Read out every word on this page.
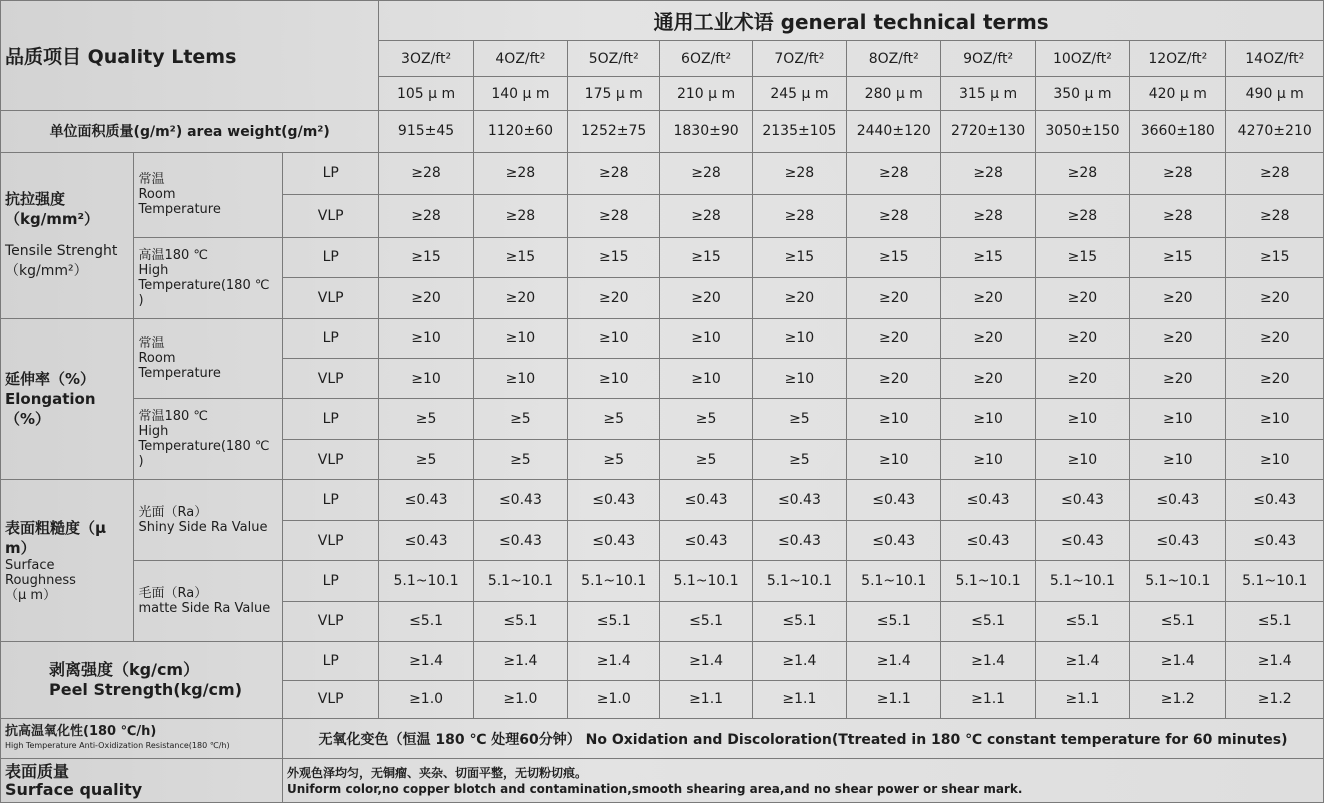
品质项目 Quality Ltems			通用工业术语 general technical terms									
			3OZ/ft²	4OZ/ft²	5OZ/ft²	6OZ/ft²	7OZ/ft²	8OZ/ft²	9OZ/ft²	10OZ/ft²	12OZ/ft²	14OZ/ft²
			105 μ m	140 μ m	175 μ m	210 μ m	245 μ m	280 μ m	315 μ m	350 μ m	420 μ m	490 μ m
单位面积质量(g/m²) area weight(g/m²)			915±45	1120±60	1252±75	1830±90	2135±105	2440±120	2720±130	3050±150	3660±180	4270±210

抗拉强度
（kg/mm²）
Tensile Strenght
（kg/mm²）	常温
Room
Temperature	LP	≥28	≥28	≥28	≥28	≥28	≥28	≥28	≥28	≥28	≥28
		VLP	≥28	≥28	≥28	≥28	≥28	≥28	≥28	≥28	≥28	≥28

	高温180 ℃
High
Temperature(180 ℃ )	LP	≥15	≥15	≥15	≥15	≥15	≥15	≥15	≥15	≥15	≥15
		VLP	≥20	≥20	≥20	≥20	≥20	≥20	≥20	≥20	≥20	≥20

延伸率（%）
Elongation（%）	常温
Room
Temperature	LP	≥10	≥10	≥10	≥10	≥10	≥20	≥20	≥20	≥20	≥20
		VLP	≥10	≥10	≥10	≥10	≥10	≥20	≥20	≥20	≥20	≥20

	常温180 ℃
High
Temperature(180 ℃ )	LP	≥5	≥5	≥5	≥5	≥5	≥10	≥10	≥10	≥10	≥10
		VLP	≥5	≥5	≥5	≥5	≥5	≥10	≥10	≥10	≥10	≥10

表面粗糙度（μ m）
Surface Roughness
（μ m）	光面（Ra）
Shiny Side Ra Value	LP	≤0.43	≤0.43	≤0.43	≤0.43	≤0.43	≤0.43	≤0.43	≤0.43	≤0.43	≤0.43
		VLP	≤0.43	≤0.43	≤0.43	≤0.43	≤0.43	≤0.43	≤0.43	≤0.43	≤0.43	≤0.43

	毛面（Ra）
matte Side Ra Value	LP	5.1~10.1	5.1~10.1	5.1~10.1	5.1~10.1	5.1~10.1	5.1~10.1	5.1~10.1	5.1~10.1	5.1~10.1	5.1~10.1
		VLP	≤5.1	≤5.1	≤5.1	≤5.1	≤5.1	≤5.1	≤5.1	≤5.1	≤5.1	≤5.1

剥离强度（kg/cm）
Peel Strength(kg/cm)		LP	≥1.4	≥1.4	≥1.4	≥1.4	≥1.4	≥1.4	≥1.4	≥1.4	≥1.4	≥1.4
		VLP	≥1.0	≥1.0	≥1.0	≥1.1	≥1.1	≥1.1	≥1.1	≥1.1	≥1.2	≥1.2

抗高温氧化性(180 ℃/h)
High Temperature Anti-Oxidization Resistance(180 ℃/h)		无氧化变色（恒温 180 ℃ 处理60分钟） No Oxidation and Discoloration(Ttreated in 180 ℃ constant temperature for 60 minutes)										

表面质量
Surface quality		外观色泽均匀，无铜瘤、夹杂、切面平整，无切粉切痕。
Uniform color,no copper blotch and contamination,smooth shearing area,and no shear power or shear mark.										
